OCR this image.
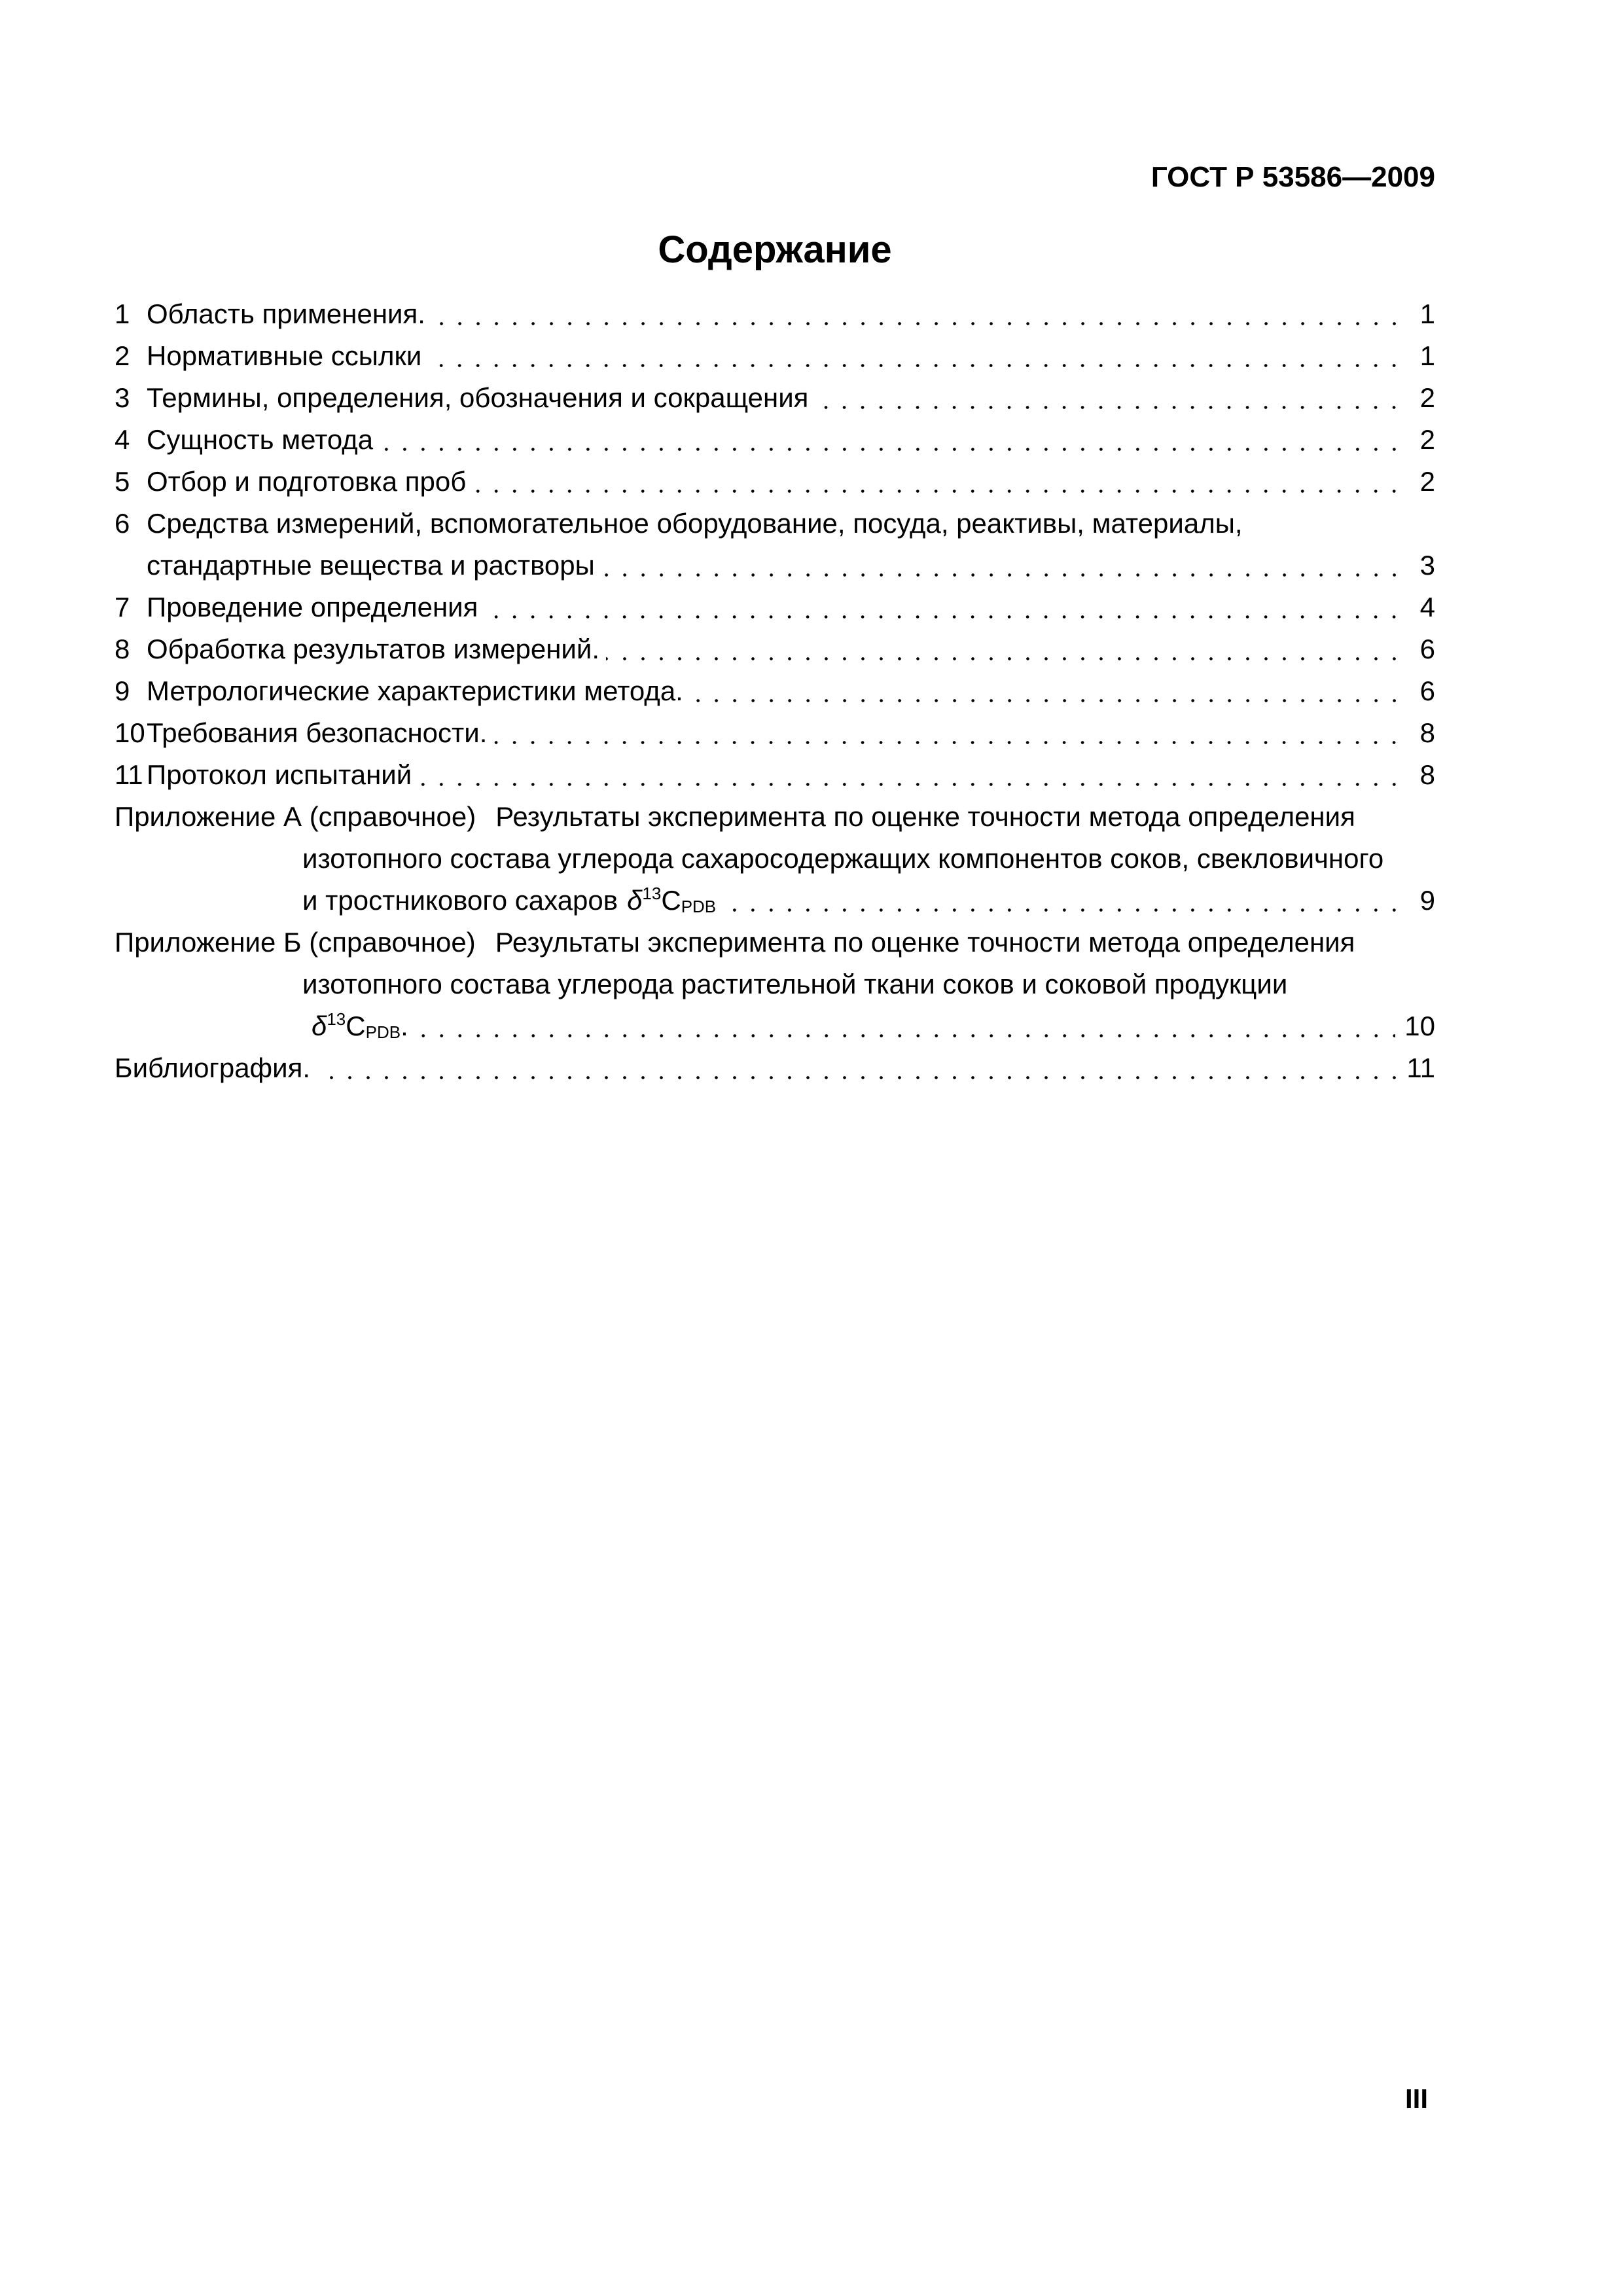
ГОСТ Р 53586—2009
Содержание
1 Область применения.	1
2 Нормативные ссылки	1
3 Термины, определения, обозначения и сокращения	2
4 Сущность метода	2
5 Отбор и подготовка проб	2
6 Средства измерений, вспомогательное оборудование, посуда, реактивы, материалы,
стандартные вещества и растворы	3
7 Проведение определения	4
8 Обработка результатов измерений.	6
9 Метрологические характеристики метода.	6
10 Требования безопасности.	8
11 Протокол испытаний	8
Приложение А (справочное) Результаты эксперимента по оценке точности метода определения
изотопного состава углерода сахаросодержащих компонентов соков, свекловичного
и тростникового сахаров $\delta^{13}C_{PDB}$	9
Приложение Б (справочное) Результаты эксперимента по оценке точности метода определения
изотопного состава углерода растительной ткани соков и соковой продукции
$\delta^{13}C_{PDB}$.	10
Библиография.	11
III
